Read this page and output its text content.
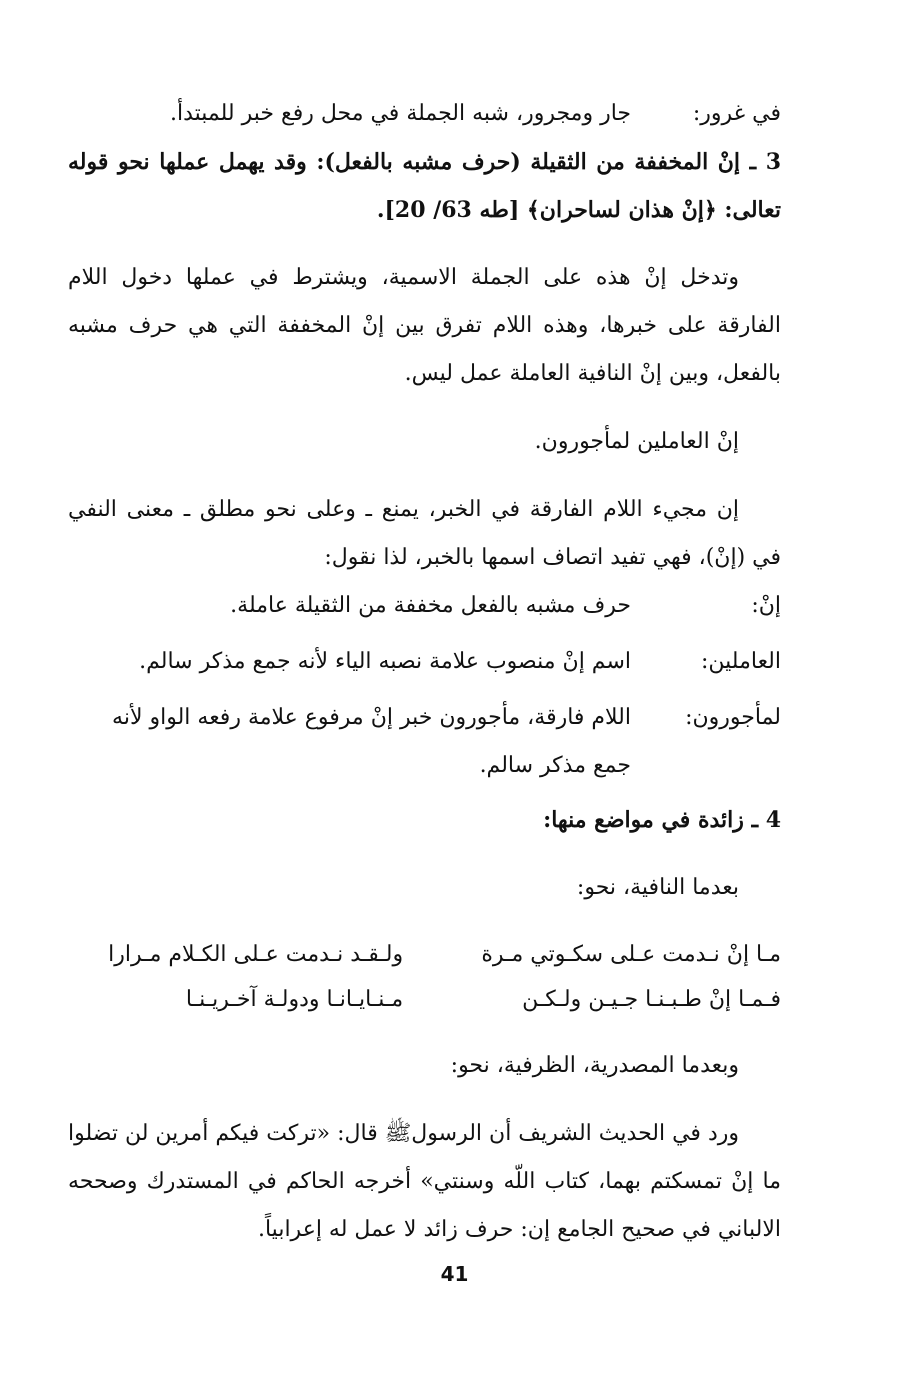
في غرور:
جار ومجرور، شبه الجملة في محل رفع خبر للمبتدأ.
3 ـ إنْ المخففة من الثقيلة (حرف مشبه بالفعل): وقد يهمل عملها نحو قوله تعالى: ﴿إنْ هذان لساحران﴾ [طه 63/ 20].
وتدخل إنْ هذه على الجملة الاسمية، ويشترط في عملها دخول اللام الفارقة على خبرها، وهذه اللام تفرق بين إنْ المخففة التي هي حرف مشبه بالفعل، وبين إنْ النافية العاملة عمل ليس.
إنْ العاملين لمأجورون.
إن مجيء اللام الفارقة في الخبر، يمنع ـ وعلى نحو مطلق ـ معنى النفي في (إنْ)، فهي تفيد اتصاف اسمها بالخبر، لذا نقول:
إنْ:
حرف مشبه بالفعل مخففة من الثقيلة عاملة.
العاملين:
اسم إنْ منصوب علامة نصبه الياء لأنه جمع مذكر سالم.
لمأجورون:
اللام فارقة، مأجورون خبر إنْ مرفوع علامة رفعه الواو لأنه جمع مذكر سالم.
4 ـ زائدة في مواضع منها:
بعدما النافية، نحو:
مـا إنْ نـدمت عـلى سكـوتي مـرة
ولـقـد نـدمت عـلى الكـلام مـرارا
فـمـا إنْ طـبـنـا جـيـن ولـكـن
مـنـايـانـا ودولـة آخـريـنـا
وبعدما المصدرية، الظرفية، نحو:
ورد في الحديث الشريف أن الرسولﷺ قال: «تركت فيكم أمرين لن تضلوا ما إنْ تمسكتم بهما، كتاب اللّه وسنتي» أخرجه الحاكم في المستدرك وصححه الالباني في صحيح الجامع إن: حرف زائد لا عمل له إعرابياً.
41
